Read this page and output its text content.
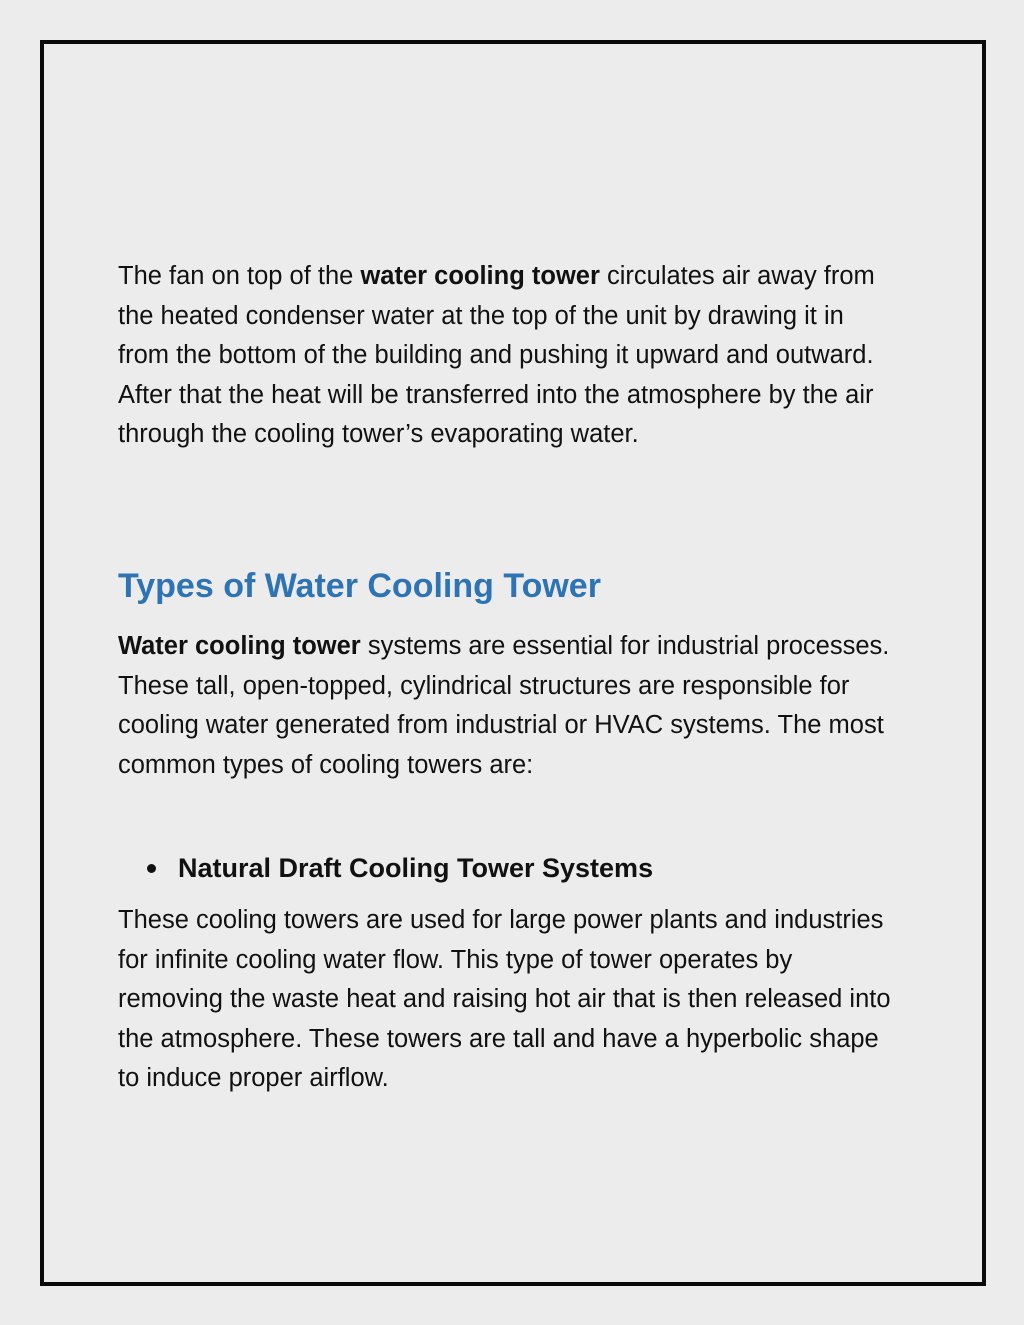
The fan on top of the water cooling tower circulates air away from the heated condenser water at the top of the unit by drawing it in from the bottom of the building and pushing it upward and outward. After that the heat will be transferred into the atmosphere by the air through the cooling tower’s evaporating water.

Types of Water Cooling Tower

Water cooling tower systems are essential for industrial processes. These tall, open-topped, cylindrical structures are responsible for cooling water generated from industrial or HVAC systems. The most common types of cooling towers are:

Natural Draft Cooling Tower Systems

These cooling towers are used for large power plants and industries for infinite cooling water flow. This type of tower operates by removing the waste heat and raising hot air that is then released into the atmosphere. These towers are tall and have a hyperbolic shape to induce proper airflow.
